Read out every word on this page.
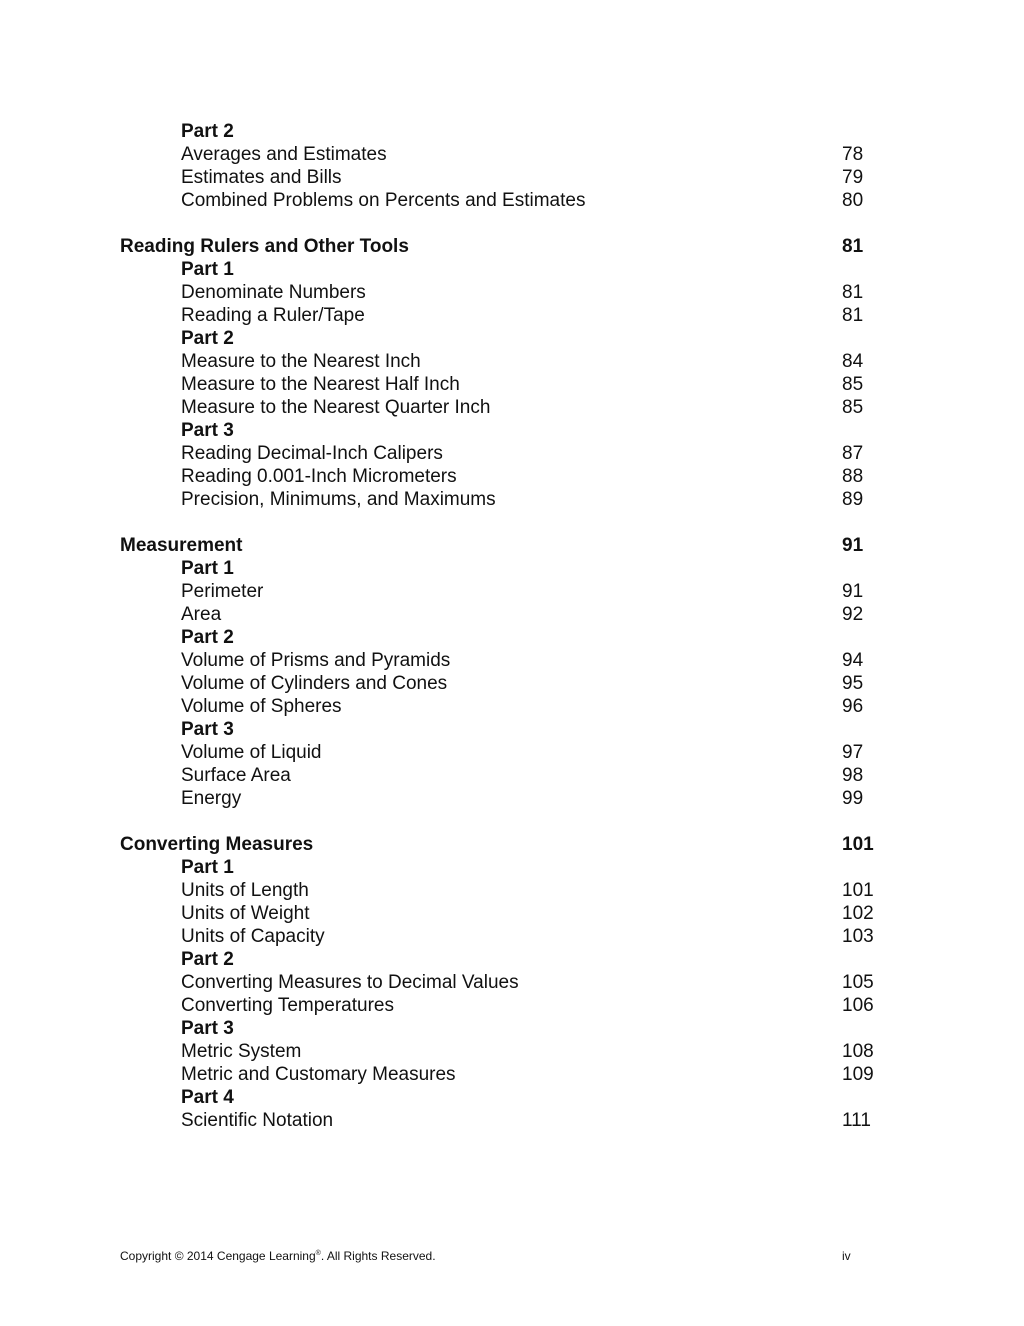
Part 2
Averages and Estimates	78
Estimates and Bills	79
Combined Problems on Percents and Estimates	80
Reading Rulers and Other Tools	81
Part 1
Denominate Numbers	81
Reading a Ruler/Tape	81
Part 2
Measure to the Nearest Inch	84
Measure to the Nearest Half Inch	85
Measure to the Nearest Quarter Inch	85
Part 3
Reading Decimal-Inch Calipers	87
Reading 0.001-Inch Micrometers	88
Precision, Minimums, and Maximums	89
Measurement	91
Part 1
Perimeter	91
Area	92
Part 2
Volume of Prisms and Pyramids	94
Volume of Cylinders and Cones	95
Volume of Spheres	96
Part 3
Volume of Liquid	97
Surface Area	98
Energy	99
Converting Measures	101
Part 1
Units of Length	101
Units of Weight	102
Units of Capacity	103
Part 2
Converting Measures to Decimal Values	105
Converting Temperatures	106
Part 3
Metric System	108
Metric and Customary Measures	109
Part 4
Scientific Notation	111
Copyright © 2014 Cengage Learning®. All Rights Reserved.	iv
